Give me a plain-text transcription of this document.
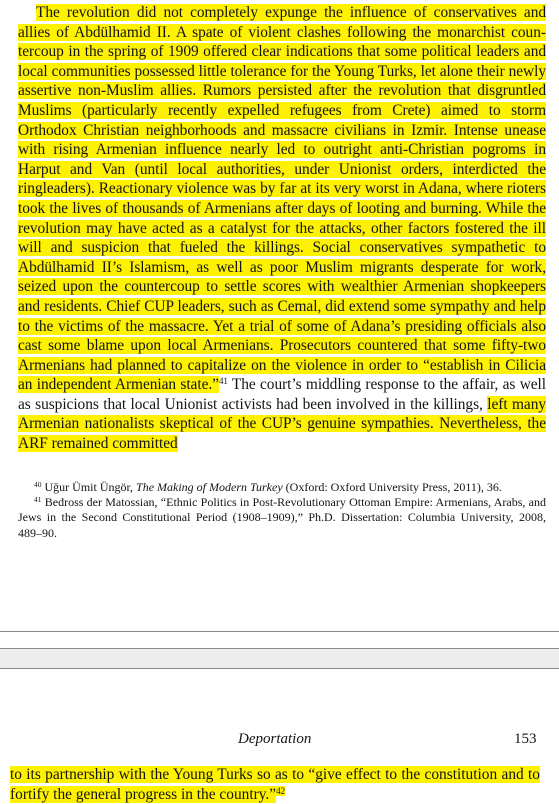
The revolution did not completely expunge the influence of conservatives and allies of Abdülhamid II. A spate of violent clashes following the monarchist countercoup in the spring of 1909 offered clear indications that some political leaders and local communities possessed little tolerance for the Young Turks, let alone their newly assertive non-Muslim allies. Rumors persisted after the revolution that disgruntled Muslims (particularly recently expelled refugees from Crete) aimed to storm Orthodox Christian neighborhoods and massacre civilians in Izmir. Intense unease with rising Armenian influence nearly led to outright anti-Christian pogroms in Harput and Van (until local authorities, under Unionist orders, interdicted the ringleaders). Reactionary violence was by far at its very worst in Adana, where rioters took the lives of thousands of Armenians after days of looting and burning. While the revolution may have acted as a catalyst for the attacks, other factors fostered the ill will and suspicion that fueled the killings. Social conservatives sympathetic to Abdülhamid II’s Islamism, as well as poor Muslim migrants desperate for work, seized upon the countercoup to settle scores with wealthier Armenian shopkeepers and residents. Chief CUP leaders, such as Cemal, did extend some sympathy and help to the victims of the massacre. Yet a trial of some of Adana’s presiding officials also cast some blame upon local Armenians. Prosecutors countered that some fifty-two Armenians had planned to capitalize on the violence in order to “establish in Cilicia an independent Armenian state.”$^{41}$ The court’s middling response to the affair, as well as suspicions that local Unionist activists had been involved in the killings, left many Armenian nationalists skeptical of the CUP’s genuine sympathies. Nevertheless, the ARF remained committed

$^{40}$ Uğur Ümit Üngör, The Making of Modern Turkey (Oxford: Oxford University Press, 2011), 36.

$^{41}$ Bedross der Matossian, “Ethnic Politics in Post-Revolutionary Ottoman Empire: Armenians, Arabs, and Jews in the Second Constitutional Period (1908–1909),” Ph.D. Dissertation: Columbia University, 2008, 489–90.

Deportation	153

to its partnership with the Young Turks so as to “give effect to the constitution and to fortify the general progress in the country.”$^{42}$
